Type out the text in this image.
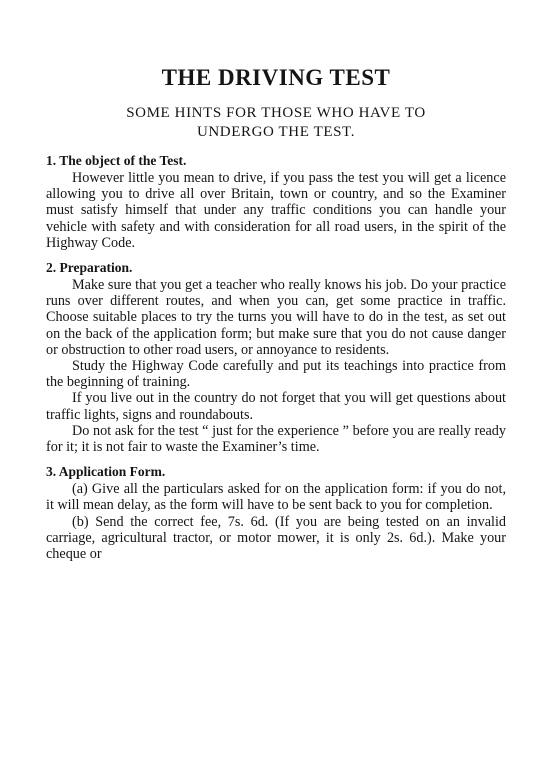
THE DRIVING TEST
SOME HINTS FOR THOSE WHO HAVE TO
UNDERGO THE TEST.
1. The object of the Test.

However little you mean to drive, if you pass the test you will get a licence allowing you to drive all over Britain, town or country, and so the Examiner must satisfy himself that under any traffic conditions you can handle your vehicle with safety and with consideration for all road users, in the spirit of the Highway Code.

2. Preparation.

Make sure that you get a teacher who really knows his job. Do your practice runs over different routes, and when you can, get some practice in traffic. Choose suitable places to try the turns you will have to do in the test, as set out on the back of the application form; but make sure that you do not cause danger or obstruction to other road users, or annoyance to residents.

Study the Highway Code carefully and put its teachings into practice from the beginning of training.

If you live out in the country do not forget that you will get questions about traffic lights, signs and roundabouts.

Do not ask for the test “ just for the experience ” before you are really ready for it; it is not fair to waste the Examiner’s time.

3. Application Form.

(a) Give all the particulars asked for on the application form: if you do not, it will mean delay, as the form will have to be sent back to you for completion.

(b) Send the correct fee, 7s. 6d. (If you are being tested on an invalid carriage, agricultural tractor, or motor mower, it is only 2s. 6d.). Make your cheque or
